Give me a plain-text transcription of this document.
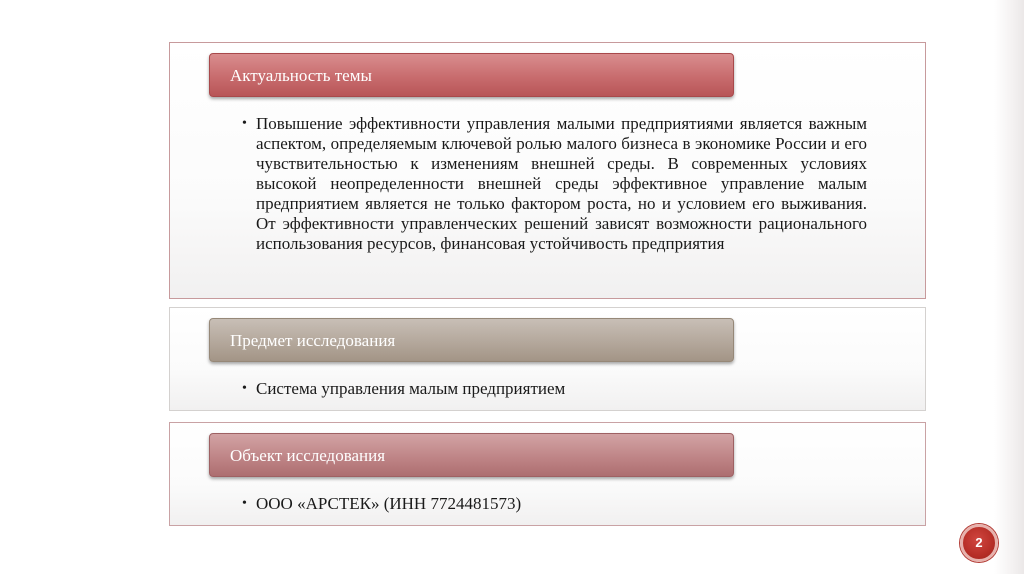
Актуальность темы
• Повышение эффективности управления малыми предприятиями является важным аспектом, определяемым ключевой ролью малого бизнеса в экономике России и его чувствительностью к изменениям внешней среды. В современных условиях высокой неопределенности внешней среды эффективное управление малым предприятием является не только фактором роста, но и условием его выживания. От эффективности управленческих решений зависят возможности рационального использования ресурсов, финансовая устойчивость предприятия
Предмет исследования
• Система управления малым предприятием
Объект исследования
• ООО «АРСТЕК» (ИНН 7724481573)
2
